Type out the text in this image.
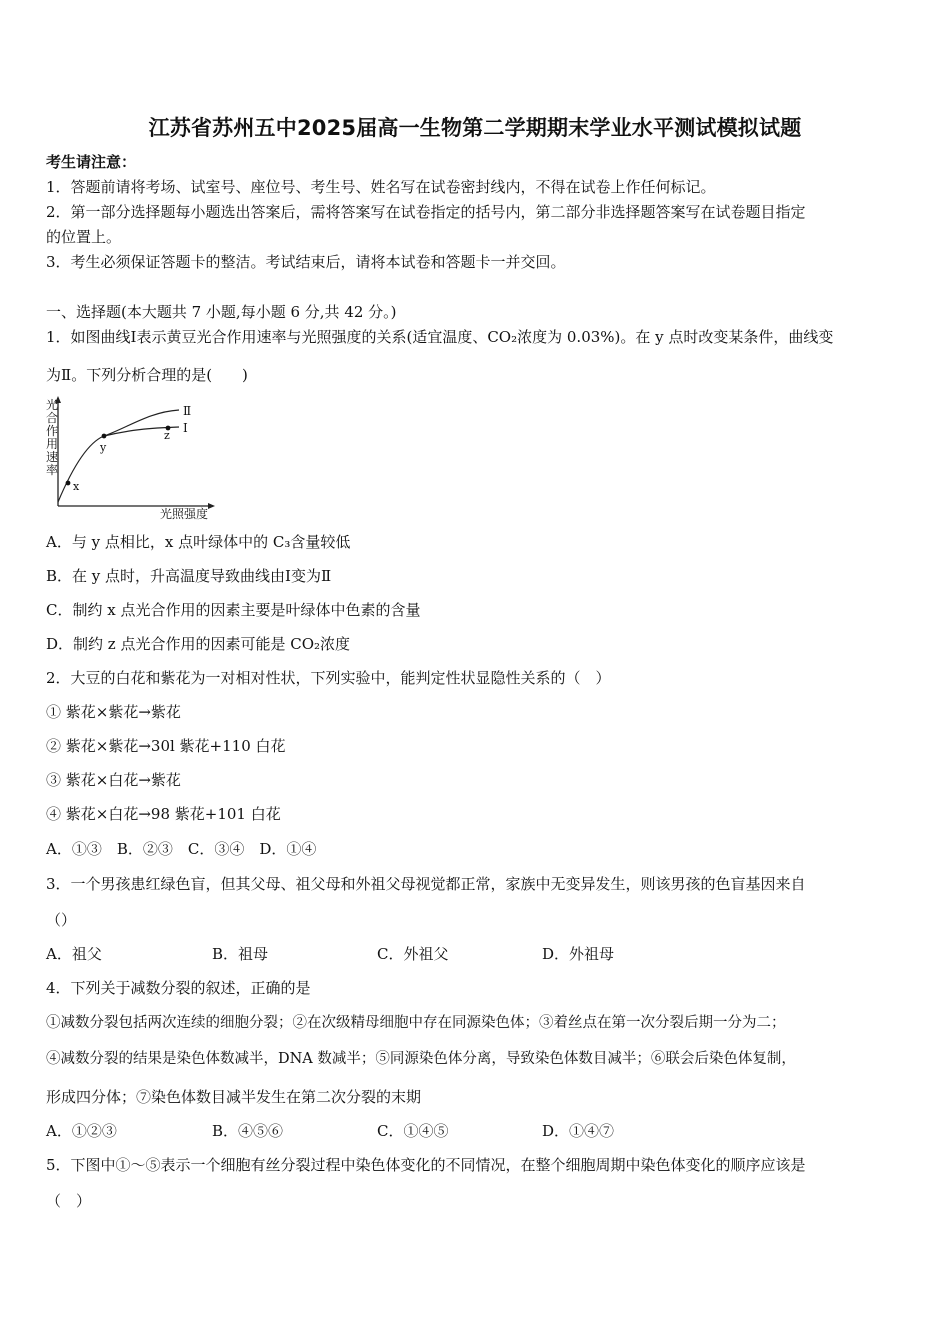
江苏省苏州五中2025届高一生物第二学期期末学业水平测试模拟试题
考生请注意：
1．答题前请将考场、试室号、座位号、考生号、姓名写在试卷密封线内，不得在试卷上作任何标记。
2．第一部分选择题每小题选出答案后，需将答案写在试卷指定的括号内，第二部分非选择题答案写在试卷题目指定
的位置上。
3．考生必须保证答题卡的整洁。考试结束后，请将本试卷和答题卡一并交回。
一、选择题(本大题共 7 小题,每小题 6 分,共 42 分。)
1．如图曲线Ⅰ表示黄豆光合作用速率与光照强度的关系(适宜温度、CO₂浓度为 0.03%)。在 y 点时改变某条件，曲线变
为Ⅱ。下列分析合理的是(　　)
光
合
作
用
速
率
光照强度
x
y
z
Ⅱ
Ⅰ
A．与 y 点相比，x 点叶绿体中的 C₃含量较低
B．在 y 点时，升高温度导致曲线由Ⅰ变为Ⅱ
C．制约 x 点光合作用的因素主要是叶绿体中色素的含量
D．制约 z 点光合作用的因素可能是 CO₂浓度
2．大豆的白花和紫花为一对相对性状，下列实验中，能判定性状显隐性关系的（　）
① 紫花×紫花→紫花
② 紫花×紫花→30l 紫花+110 白花
③ 紫花×白花→紫花
④ 紫花×白花→98 紫花+101 白花
A．①③　B．②③　C．③④　D．①④
3．一个男孩患红绿色盲，但其父母、祖父母和外祖父母视觉都正常，家族中无变异发生，则该男孩的色盲基因来自
（）
A．祖父	B．祖母	C．外祖父	D．外祖母
4．下列关于减数分裂的叙述，正确的是
①减数分裂包括两次连续的细胞分裂；②在次级精母细胞中存在同源染色体；③着丝点在第一次分裂后期一分为二；
④减数分裂的结果是染色体数减半，DNA 数减半；⑤同源染色体分离，导致染色体数目减半；⑥联会后染色体复制，
形成四分体；⑦染色体数目减半发生在第二次分裂的末期
A．①②③	B．④⑤⑥	C．①④⑤	D．①④⑦
5．下图中①～⑤表示一个细胞有丝分裂过程中染色体变化的不同情况，在整个细胞周期中染色体变化的顺序应该是
（　）
